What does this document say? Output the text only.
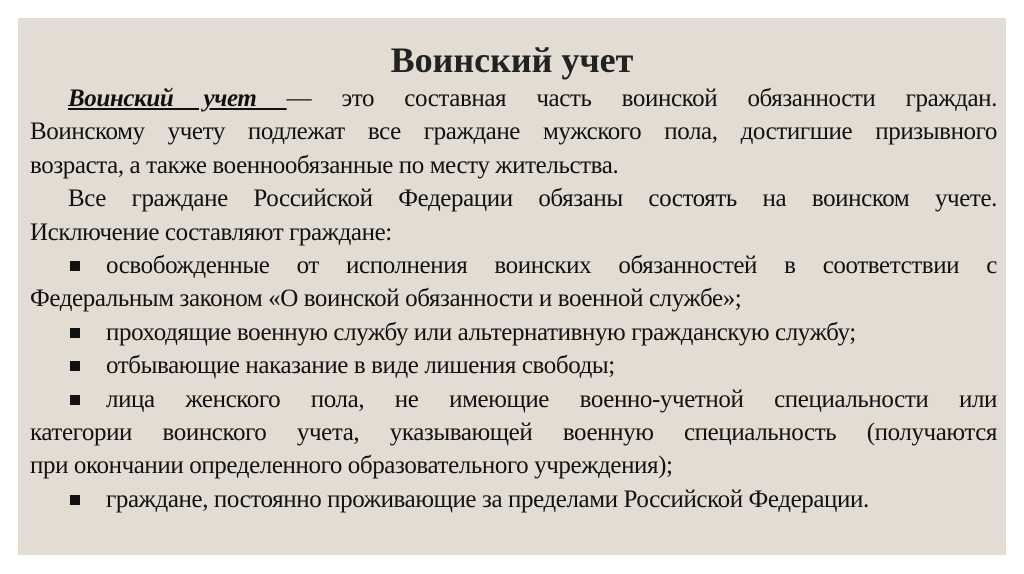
Воинский учет
Воинский учет — это составная часть воинской обязанности граждан.
Воинскому учету подлежат все граждане мужского пола, достигшие призывного
возраста, а также военнообязанные по месту жительства.
Все граждане Российской Федерации обязаны состоять на воинском учете.
Исключение составляют граждане:
освобожденные от исполнения воинских обязанностей в соответствии с
Федеральным законом «О воинской обязанности и военной службе»;
проходящие военную службу или альтернативную гражданскую службу;
отбывающие наказание в виде лишения свободы;
лица женского пола, не имеющие военно-учетной специальности или
категории воинского учета, указывающей военную специальность (получаются
при окончании определенного образовательного учреждения);
граждане, постоянно проживающие за пределами Российской Федерации.
